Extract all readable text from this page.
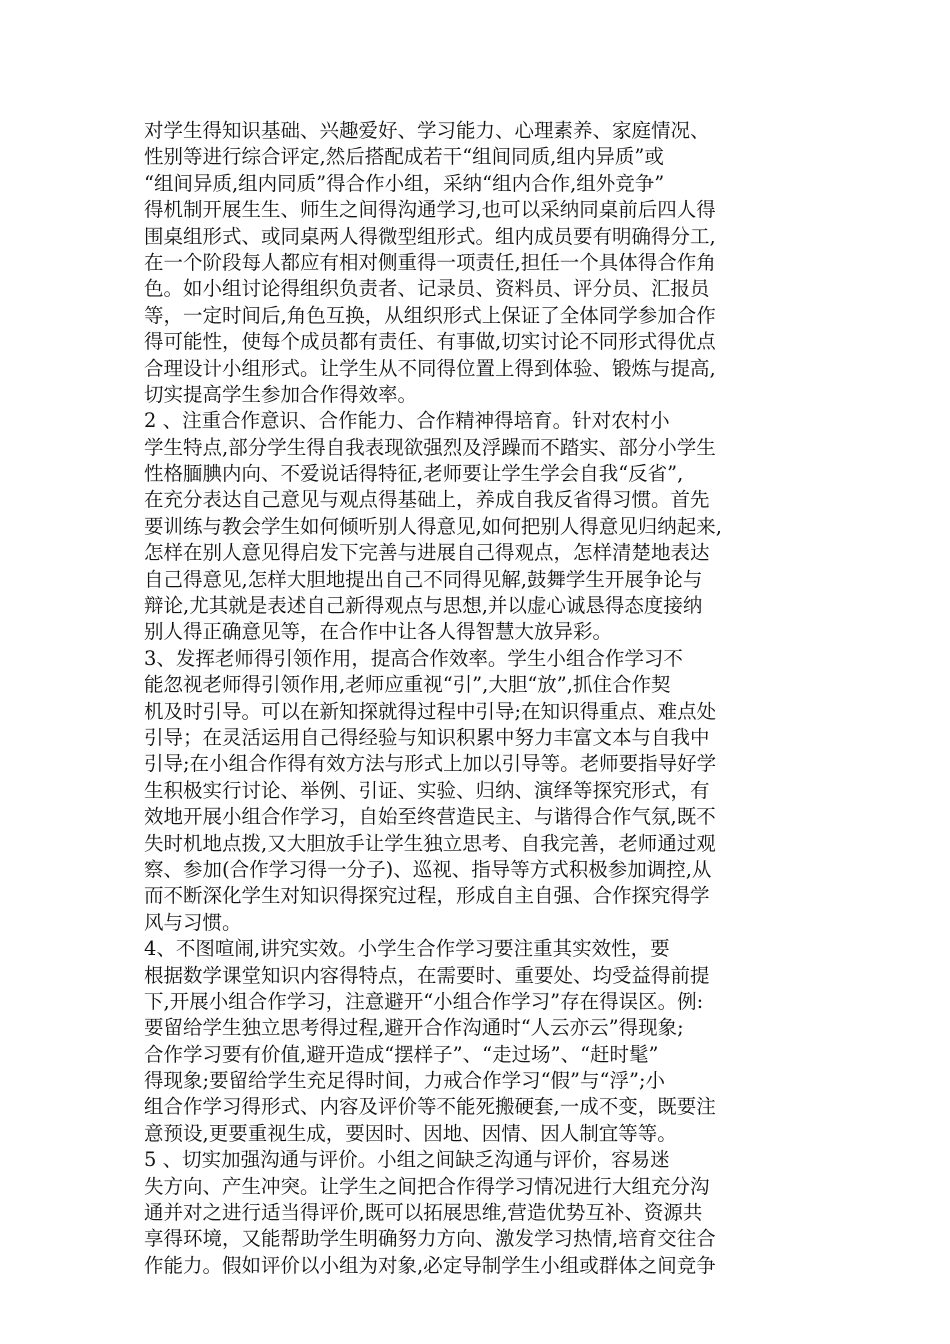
对学生得知识基础、兴趣爱好、学习能力、心理素养、家庭情况、
性别等进行综合评定,然后搭配成若干“组间同质,组内异质”或
“组间异质,组内同质”得合作小组，采纳“组内合作,组外竞争”
得机制开展生生、师生之间得沟通学习,也可以采纳同桌前后四人得
围桌组形式、或同桌两人得微型组形式。组内成员要有明确得分工,
在一个阶段每人都应有相对侧重得一项责任,担任一个具体得合作角
色。如小组讨论得组织负责者、记录员、资料员、评分员、汇报员
等，一定时间后,角色互换，从组织形式上保证了全体同学参加合作
得可能性，使每个成员都有责任、有事做,切实讨论不同形式得优点
合理设计小组形式。让学生从不同得位置上得到体验、锻炼与提高,
切实提高学生参加合作得效率。
2 、注重合作意识、合作能力、合作精神得培育。针对农村小
学生特点,部分学生得自我表现欲强烈及浮躁而不踏实、部分小学生
性格腼腆内向、不爱说话得特征,老师要让学生学会自我“反省”,
在充分表达自己意见与观点得基础上，养成自我反省得习惯。首先
要训练与教会学生如何倾听别人得意见,如何把别人得意见归纳起来,
怎样在别人意见得启发下完善与进展自己得观点，怎样清楚地表达
自己得意见,怎样大胆地提出自己不同得见解,鼓舞学生开展争论与
辩论,尤其就是表述自己新得观点与思想,并以虚心诚恳得态度接纳
别人得正确意见等，在合作中让各人得智慧大放异彩。
3、发挥老师得引领作用，提高合作效率。学生小组合作学习不
能忽视老师得引领作用,老师应重视“引”,大胆“放”,抓住合作契
机及时引导。可以在新知探就得过程中引导;在知识得重点、难点处
引导；在灵活运用自己得经验与知识积累中努力丰富文本与自我中
引导;在小组合作得有效方法与形式上加以引导等。老师要指导好学
生积极实行讨论、举例、引证、实验、归纳、演绎等探究形式，有
效地开展小组合作学习，自始至终营造民主、与谐得合作气氛,既不
失时机地点拨,又大胆放手让学生独立思考、自我完善，老师通过观
察、参加(合作学习得一分子)、巡视、指导等方式积极参加调控,从
而不断深化学生对知识得探究过程，形成自主自强、合作探究得学
风与习惯。
4、不图喧闹,讲究实效。小学生合作学习要注重其实效性，要
根据数学课堂知识内容得特点，在需要时、重要处、均受益得前提
下,开展小组合作学习，注意避开“小组合作学习”存在得误区。例:
要留给学生独立思考得过程,避开合作沟通时“人云亦云”得现象;
合作学习要有价值,避开造成“摆样子”、“走过场”、“赶时髦”
得现象;要留给学生充足得时间，力戒合作学习“假”与“浮”;小
组合作学习得形式、内容及评价等不能死搬硬套,一成不变，既要注
意预设,更要重视生成，要因时、因地、因情、因人制宜等等。
5 、切实加强沟通与评价。小组之间缺乏沟通与评价，容易迷
失方向、产生冲突。让学生之间把合作得学习情况进行大组充分沟
通并对之进行适当得评价,既可以拓展思维,营造优势互补、资源共
享得环境，又能帮助学生明确努力方向、激发学习热情,培育交往合
作能力。假如评价以小组为对象,必定导制学生小组或群体之间竞争
